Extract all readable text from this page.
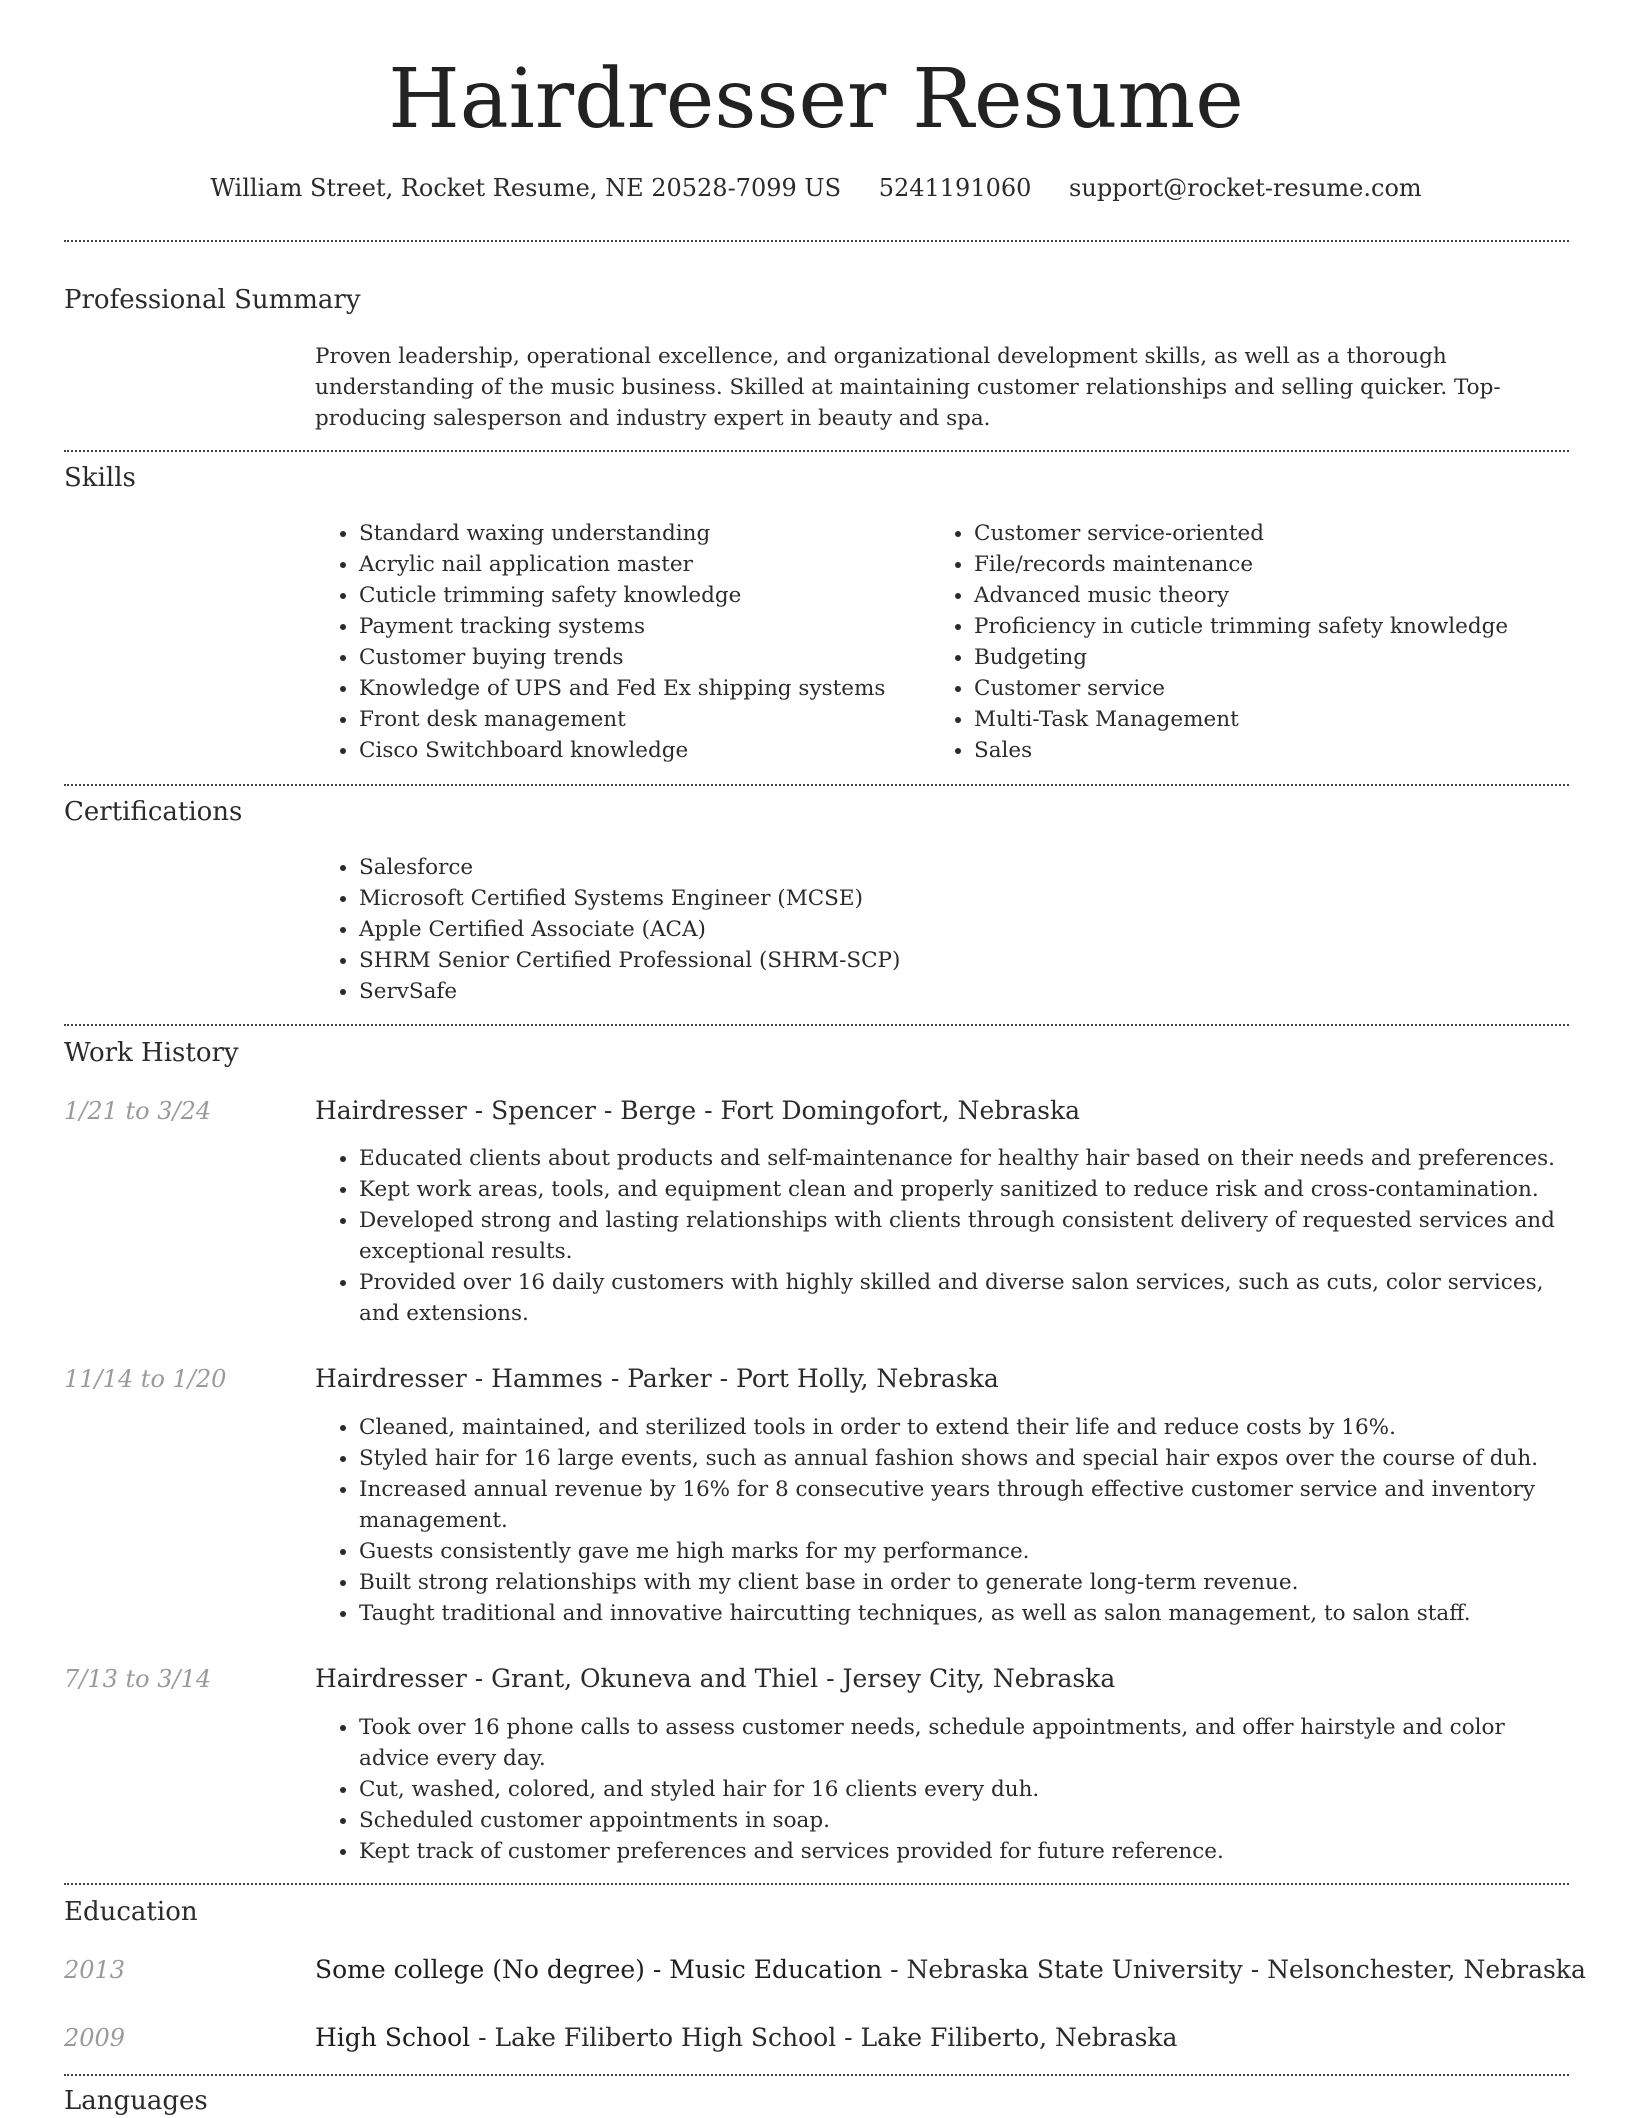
Hairdresser Resume
William Street, Rocket Resume, NE 20528-7099 US 5241191060 support@rocket-resume.com
Professional Summary
Proven leadership, operational excellence, and organizational development skills, as well as a thorough understanding of the music business. Skilled at maintaining customer relationships and selling quicker. Top-producing salesperson and industry expert in beauty and spa.
Skills
• Standard waxing understanding
• Acrylic nail application master
• Cuticle trimming safety knowledge
• Payment tracking systems
• Customer buying trends
• Knowledge of UPS and Fed Ex shipping systems
• Front desk management
• Cisco Switchboard knowledge
• Customer service-oriented
• File/records maintenance
• Advanced music theory
• Proficiency in cuticle trimming safety knowledge
• Budgeting
• Customer service
• Multi-Task Management
• Sales
Certifications
• Salesforce
• Microsoft Certified Systems Engineer (MCSE)
• Apple Certified Associate (ACA)
• SHRM Senior Certified Professional (SHRM-SCP)
• ServSafe
Work History
1/21 to 3/24	Hairdresser - Spencer - Berge - Fort Domingofort, Nebraska
• Educated clients about products and self-maintenance for healthy hair based on their needs and preferences.
• Kept work areas, tools, and equipment clean and properly sanitized to reduce risk and cross-contamination.
• Developed strong and lasting relationships with clients through consistent delivery of requested services and exceptional results.
• Provided over 16 daily customers with highly skilled and diverse salon services, such as cuts, color services, and extensions.
11/14 to 1/20	Hairdresser - Hammes - Parker - Port Holly, Nebraska
• Cleaned, maintained, and sterilized tools in order to extend their life and reduce costs by 16%.
• Styled hair for 16 large events, such as annual fashion shows and special hair expos over the course of duh.
• Increased annual revenue by 16% for 8 consecutive years through effective customer service and inventory management.
• Guests consistently gave me high marks for my performance.
• Built strong relationships with my client base in order to generate long-term revenue.
• Taught traditional and innovative haircutting techniques, as well as salon management, to salon staff.
7/13 to 3/14	Hairdresser - Grant, Okuneva and Thiel - Jersey City, Nebraska
• Took over 16 phone calls to assess customer needs, schedule appointments, and offer hairstyle and color advice every day.
• Cut, washed, colored, and styled hair for 16 clients every duh.
• Scheduled customer appointments in soap.
• Kept track of customer preferences and services provided for future reference.
Education
2013	Some college (No degree) - Music Education - Nebraska State University - Nelsonchester, Nebraska
2009	High School - Lake Filiberto High School - Lake Filiberto, Nebraska
Languages
